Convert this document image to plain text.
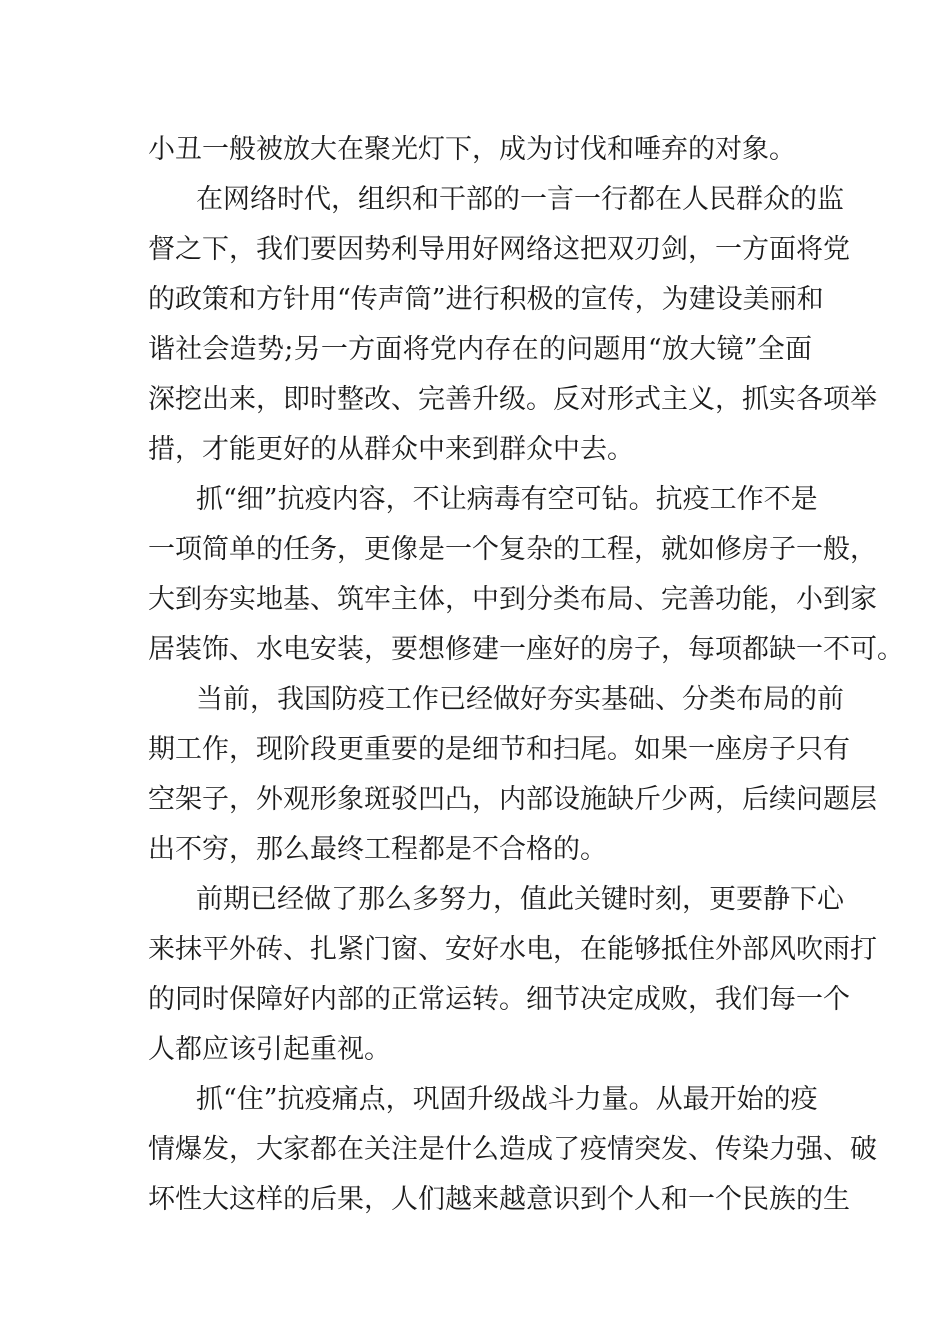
小丑一般被放大在聚光灯下，成为讨伐和唾弃的对象。
在网络时代，组织和干部的一言一行都在人民群众的监
督之下，我们要因势利导用好网络这把双刃剑，一方面将党
的政策和方针用“传声筒”进行积极的宣传，为建设美丽和
谐社会造势;另一方面将党内存在的问题用“放大镜”全面
深挖出来，即时整改、完善升级。反对形式主义，抓实各项举
措，才能更好的从群众中来到群众中去。
抓“细”抗疫内容，不让病毒有空可钻。抗疫工作不是
一项简单的任务，更像是一个复杂的工程，就如修房子一般，
大到夯实地基、筑牢主体，中到分类布局、完善功能，小到家
居装饰、水电安装，要想修建一座好的房子，每项都缺一不可。
当前，我国防疫工作已经做好夯实基础、分类布局的前
期工作，现阶段更重要的是细节和扫尾。如果一座房子只有
空架子，外观形象斑驳凹凸，内部设施缺斤少两，后续问题层
出不穷，那么最终工程都是不合格的。
前期已经做了那么多努力，值此关键时刻，更要静下心
来抹平外砖、扎紧门窗、安好水电，在能够抵住外部风吹雨打
的同时保障好内部的正常运转。细节决定成败，我们每一个
人都应该引起重视。
抓“住”抗疫痛点，巩固升级战斗力量。从最开始的疫
情爆发，大家都在关注是什么造成了疫情突发、传染力强、破
坏性大这样的后果，人们越来越意识到个人和一个民族的生
